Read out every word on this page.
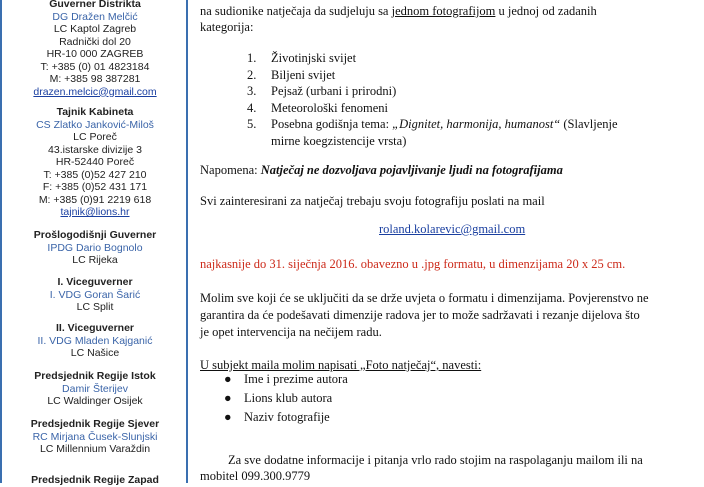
Guverner Distrikta
DG Dražen Melčić
LC Kaptol Zagreb
Radnički dol 20
HR-10 000 ZAGREB
T: +385 (0) 01 4823184
M: +385 98 387281
drazen.melcic@gmail.com
Tajnik Kabineta
CS Zlatko Janković-Miloš
LC Poreč
43.istarske divizije 3
HR-52440 Poreč
T: +385 (0)52 427 210
F: +385 (0)52 431 171
M: +385 (0)91 2219 618
tajnik@lions.hr
Prošlogodišnji Guverner
IPDG Dario Bognolo
LC Rijeka
I. Viceguverner
I. VDG Goran Šarić
LC Split
II. Viceguverner
II. VDG Mladen Kajganić
LC Našice
Predsjednik Regije Istok
Damir Šterijev
LC Waldinger Osijek
Predsjednik Regije Sjever
RC Mirjana Čusek-Slunjski
LC Millennium Varaždin
Predsjednik Regije Zapad
na sudionike natječaja da sudjeluju sa jednom fotografijom u jednoj od zadanih
kategorija:
1. Životinjski svijet
2. Biljeni svijet
3. Pejsaž (urbani i prirodni)
4. Meteorološki fenomeni
5. Posebna godišnja tema: „Dignitet, harmonija, humanost“ (Slavljenje
mirne koegzistencije vrsta)
Napomena: Natječaj ne dozvoljava pojavljivanje ljudi na fotografijama
Svi zainteresirani za natječaj trebaju svoju fotografiju poslati na mail
roland.kolarevic@gmail.com
najkasnije do 31. siječnja 2016. obavezno u .jpg formatu, u dimenzijama 20 x 25 cm.
Molim sve koji će se uključiti da se drže uvjeta o formatu i dimenzijama. Povjerenstvo ne
garantira da će podešavati dimenzije radova jer to može sadržavati i rezanje dijelova što
je opet intervencija na nečijem radu.
U subjekt maila molim napisati „Foto natječaj“, navesti:
● Ime i prezime autora
● Lions klub autora
● Naziv fotografije
Za sve dodatne informacije i pitanja vrlo rado stojim na raspolaganju mailom ili na
mobitel 099.300.9779
